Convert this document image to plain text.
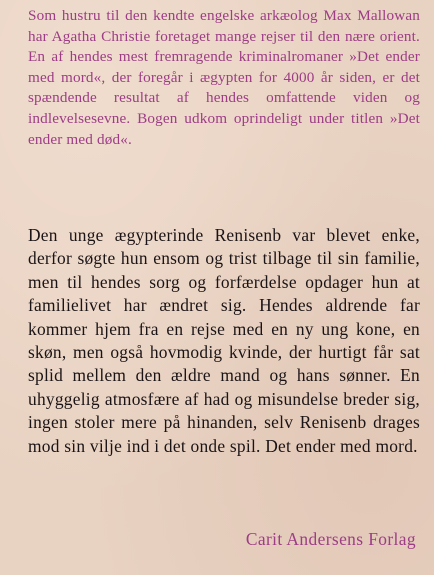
Som hustru til den kendte engelske arkæolog Max Mallowan har Agatha Christie foretaget mange rejser til den nære orient. En af hendes mest fremragende kriminalromaner »Det ender med mord«, der foregår i ægypten for 4000 år siden, er det spændende resultat af hendes omfattende viden og indlevelsesevne. Bogen udkom oprindeligt under titlen »Det ender med død«.

Den unge ægypterinde Renisenb var blevet enke, derfor søgte hun ensom og trist tilbage til sin familie, men til hendes sorg og forfærdelse opdager hun at familielivet har ændret sig. Hendes aldrende far kommer hjem fra en rejse med en ny ung kone, en skøn, men også hovmodig kvinde, der hurtigt får sat splid mellem den ældre mand og hans sønner. En uhyggelig atmosfære af had og misundelse breder sig, ingen stoler mere på hinanden, selv Renisenb drages mod sin vilje ind i det onde spil. Det ender med mord.

Carit Andersens Forlag
